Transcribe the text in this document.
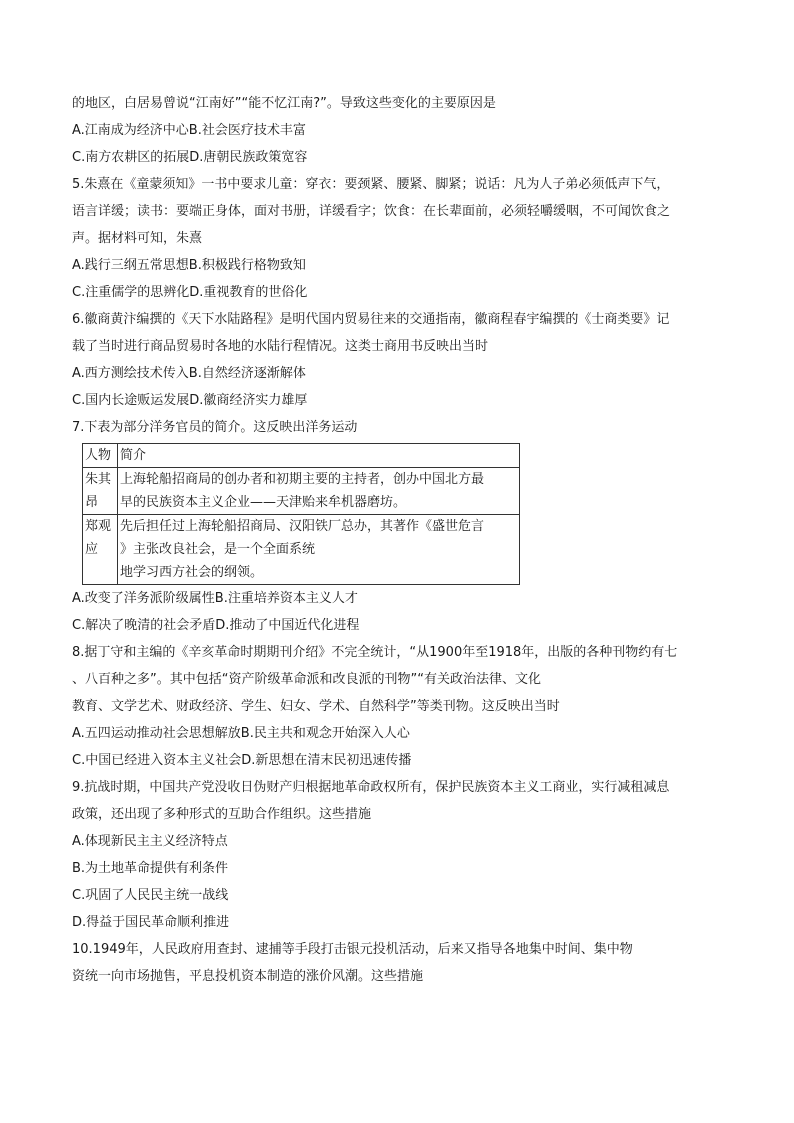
的地区，白居易曾说“江南好”“能不忆江南?”。导致这些变化的主要原因是
A.江南成为经济中心B.社会医疗技术丰富
C.南方农耕区的拓展D.唐朝民族政策宽容
5.朱熹在《童蒙须知》一书中要求儿童：穿衣：要颈紧、腰紧、脚紧；说话：凡为人子弟必须低声下气，
语言详缓；读书：要端正身体，面对书册，详缓看字；饮食：在长辈面前，必须轻嚼缓咽，不可闻饮食之
声。据材料可知，朱熹
A.践行三纲五常思想B.积极践行格物致知
C.注重儒学的思辨化D.重视教育的世俗化
6.徽商黄汴编撰的《天下水陆路程》是明代国内贸易往来的交通指南，徽商程春宇编撰的《士商类要》记
载了当时进行商品贸易时各地的水陆行程情况。这类士商用书反映出当时
A.西方测绘技术传入B.自然经济逐渐解体
C.国内长途贩运发展D.徽商经济实力雄厚
7.下表为部分洋务官员的简介。这反映出洋务运动
人物	简介
朱其昂	上海轮船招商局的创办者和初期主要的主持者，创办中国北方最
早的民族资本主义企业——天津贻来牟机器磨坊。

郑观应	先后担任过上海轮船招商局、汉阳铁厂总办，其著作《盛世危言
》主张改良社会，是一个全面系统
地学习西方社会的纲领。
A.改变了洋务派阶级属性B.注重培养资本主义人才
C.解决了晚清的社会矛盾D.推动了中国近代化进程
8.据丁守和主编的《辛亥革命时期期刊介绍》不完全统计，“从1900年至1918年，出版的各种刊物约有七
、八百种之多”。其中包括“资产阶级革命派和改良派的刊物”“有关政治法律、文化
教育、文学艺术、财政经济、学生、妇女、学术、自然科学”等类刊物。这反映出当时
A.五四运动推动社会思想解放B.民主共和观念开始深入人心
C.中国已经进入资本主义社会D.新思想在清末民初迅速传播
9.抗战时期，中国共产党没收日伪财产归根据地革命政权所有，保护民族资本主义工商业，实行减租减息
政策，还出现了多种形式的互助合作组织。这些措施
A.体现新民主主义经济特点
B.为土地革命提供有利条件
C.巩固了人民民主统一战线
D.得益于国民革命顺利推进
10.1949年，人民政府用查封、逮捕等手段打击银元投机活动，后来又指导各地集中时间、集中物
资统一向市场抛售，平息投机资本制造的涨价风潮。这些措施
